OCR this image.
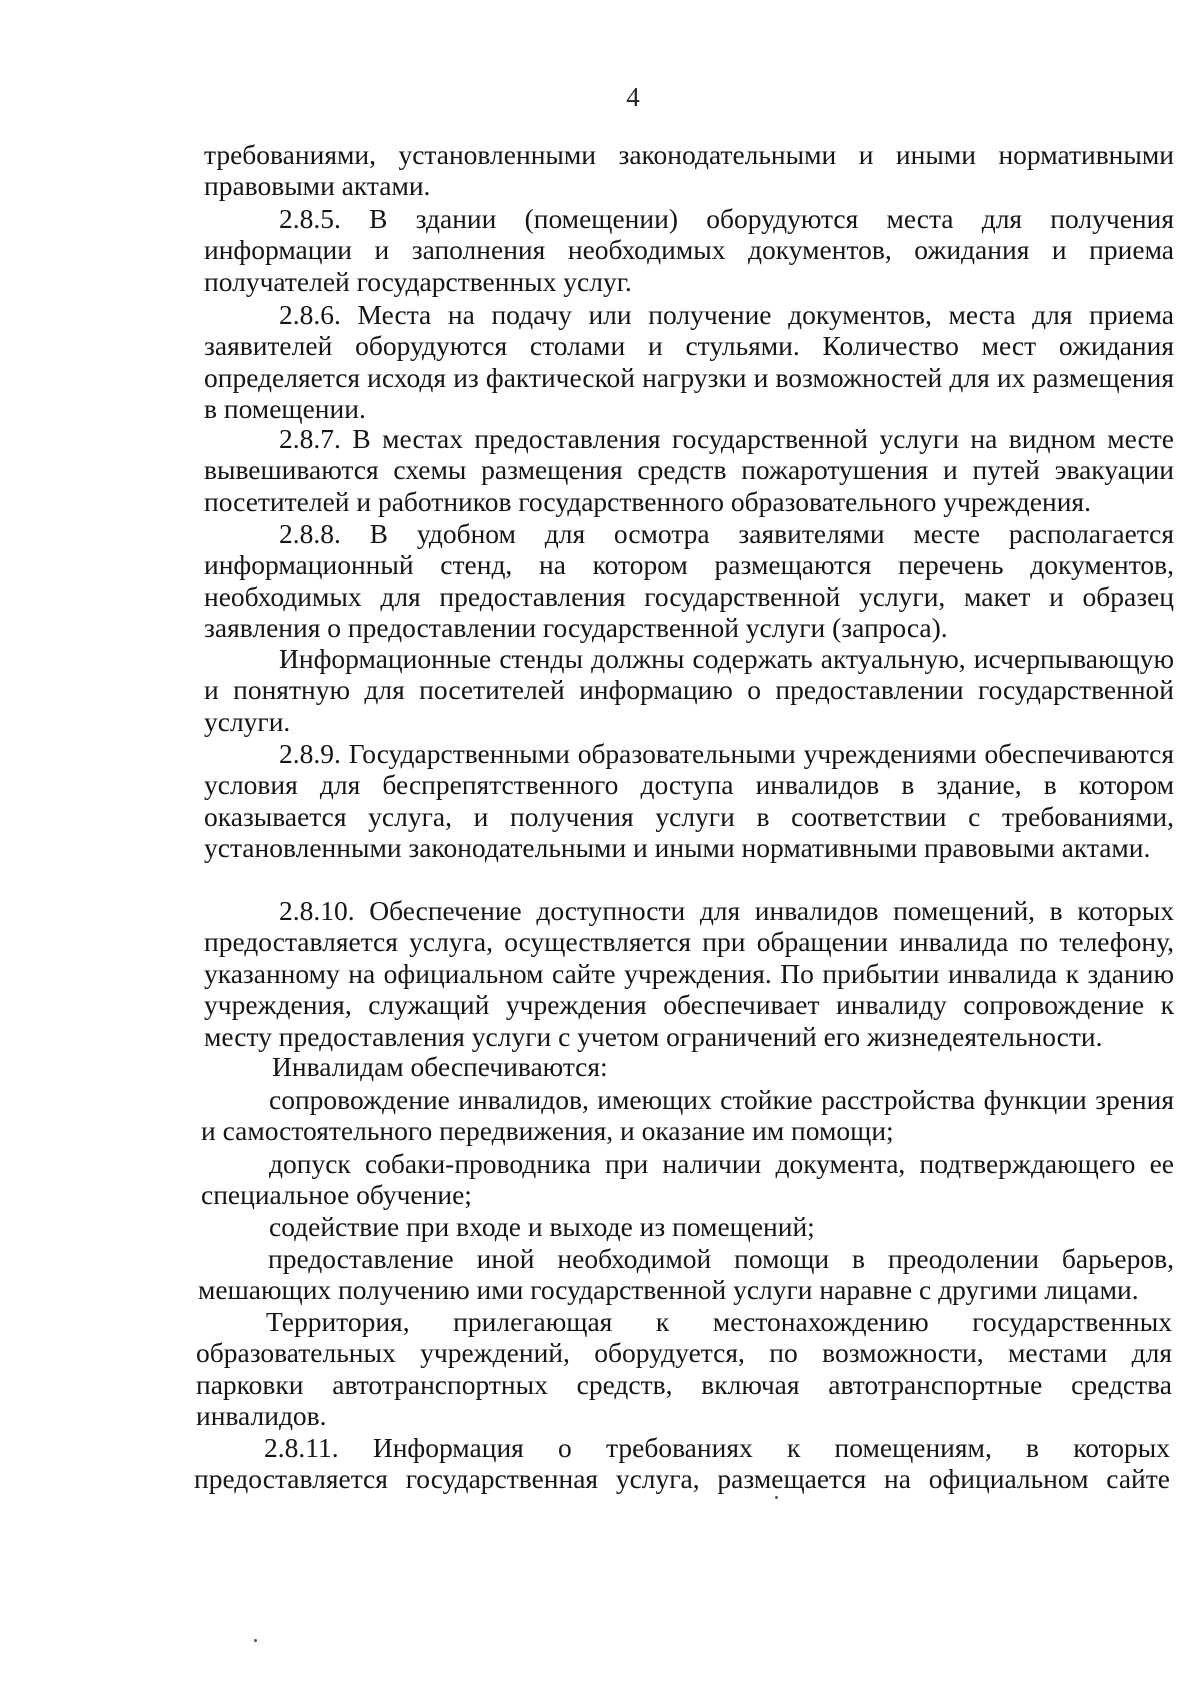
4

требованиями, установленными законодательными и иными нормативными правовыми актами.

2.8.5. В здании (помещении) оборудуются места для получения информации и заполнения необходимых документов, ожидания и приема получателей государственных услуг.

2.8.6. Места на подачу или получение документов, места для приема заявителей оборудуются столами и стульями. Количество мест ожидания определяется исходя из фактической нагрузки и возможностей для их размещения в помещении.

2.8.7. В местах предоставления государственной услуги на видном месте вывешиваются схемы размещения средств пожаротушения и путей эвакуации посетителей и работников государственного образовательного учреждения.

2.8.8. В удобном для осмотра заявителями месте располагается информационный стенд, на котором размещаются перечень документов, необходимых для предоставления государственной услуги, макет и образец заявления о предоставлении государственной услуги (запроса).

Информационные стенды должны содержать актуальную, исчерпывающую и понятную для посетителей информацию о предоставлении государственной услуги.

2.8.9. Государственными образовательными учреждениями обеспечиваются условия для беспрепятственного доступа инвалидов в здание, в котором оказывается услуга, и получения услуги в соответствии с требованиями, установленными законодательными и иными нормативными правовыми актами.

2.8.10. Обеспечение доступности для инвалидов помещений, в которых предоставляется услуга, осуществляется при обращении инвалида по телефону, указанному на официальном сайте учреждения. По прибытии инвалида к зданию учреждения, служащий учреждения обеспечивает инвалиду сопровождение к месту предоставления услуги с учетом ограничений его жизнедеятельности.

Инвалидам обеспечиваются:

сопровождение инвалидов, имеющих стойкие расстройства функции зрения и самостоятельного передвижения, и оказание им помощи;

допуск собаки-проводника при наличии документа, подтверждающего ее специальное обучение;

содействие при входе и выходе из помещений;

предоставление иной необходимой помощи в преодолении барьеров, мешающих получению ими государственной услуги наравне с другими лицами.

Территория, прилегающая к местонахождению государственных образовательных учреждений, оборудуется, по возможности, местами для парковки автотранспортных средств, включая автотранспортные средства инвалидов.

2.8.11. Информация о требованиях к помещениям, в которых предоставляется государственная услуга, размещается на официальном сайте
